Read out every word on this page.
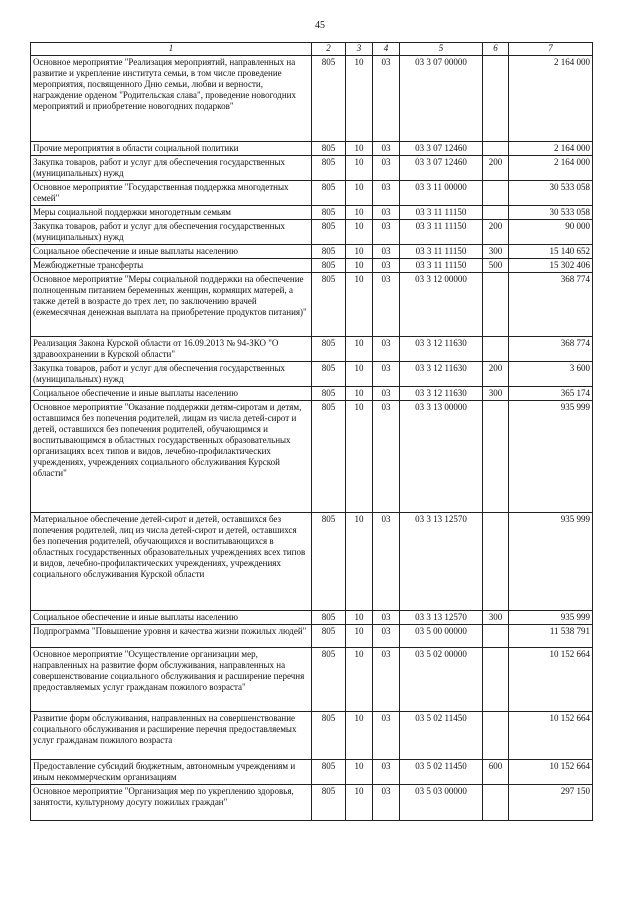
45
1	2	3	4	5	6	7
Основное мероприятие "Реализация мероприятий, направленных на развитие и укрепление института семьи, в том числе проведение мероприятия, посвященного Дню семьи, любви и верности, награждение орденом "Родительская слава", проведение новогодних мероприятий и приобретение новогодних подарков"	805	10	03	03 3 07 00000		2 164 000
Прочие мероприятия в области социальной политики	805	10	03	03 3 07 12460		2 164 000
Закупка товаров, работ и услуг для обеспечения государственных (муниципальных) нужд	805	10	03	03 3 07 12460	200	2 164 000
Основное мероприятие "Государственная поддержка многодетных семей"	805	10	03	03 3 11 00000		30 533 058
Меры социальной поддержки многодетным семьям	805	10	03	03 3 11 11150		30 533 058
Закупка товаров, работ и услуг для обеспечения государственных (муниципальных) нужд	805	10	03	03 3 11 11150	200	90 000
Социальное обеспечение и иные выплаты населению	805	10	03	03 3 11 11150	300	15 140 652
Межбюджетные трансферты	805	10	03	03 3 11 11150	500	15 302 406
Основное мероприятие "Меры социальной поддержки на обеспечение полноценным питанием беременных женщин, кормящих матерей, а также детей в возрасте до трех лет, по заключению врачей (ежемесячная денежная выплата на приобретение продуктов питания)"	805	10	03	03 3 12 00000		368 774
Реализация Закона Курской области от 16.09.2013 № 94-ЗКО "О здравоохранении в Курской области"	805	10	03	03 3 12 11630		368 774
Закупка товаров, работ и услуг для обеспечения государственных (муниципальных) нужд	805	10	03	03 3 12 11630	200	3 600
Социальное обеспечение и иные выплаты населению	805	10	03	03 3 12 11630	300	365 174
Основное мероприятие "Оказание поддержки детям-сиротам и детям, оставшимся без попечения родителей, лицам из числа детей-сирот и детей, оставшихся без попечения родителей, обучающимся и воспитывающимся в областных государственных образовательных организациях всех типов и видов, лечебно-профилактических учреждениях, учреждениях социального обслуживания Курской области"	805	10	03	03 3 13 00000		935 999
Материальное обеспечение детей-сирот и детей, оставшихся без попечения родителей, лиц из числа детей-сирот и детей, оставшихся без попечения родителей, обучающихся и воспитывающихся в областных государственных образовательных учреждениях всех типов и видов, лечебно-профилактических учреждениях, учреждениях социального обслуживания Курской области	805	10	03	03 3 13 12570		935 999
Социальное обеспечение и иные выплаты населению	805	10	03	03 3 13 12570	300	935 999
Подпрограмма "Повышение уровня и качества жизни пожилых людей"	805	10	03	03 5 00 00000		11 538 791
Основное мероприятие "Осуществление организации мер, направленных на развитие форм обслуживания, направленных на совершенствование социального обслуживания и расширение перечня предоставляемых услуг гражданам пожилого возраста"	805	10	03	03 5 02 00000		10 152 664
Развитие форм обслуживания, направленных на совершенствование социального обслуживания и расширение перечня предоставляемых услуг гражданам пожилого возраста	805	10	03	03 5 02 11450		10 152 664
Предоставление субсидий бюджетным, автономным учреждениям и иным некоммерческим организациям	805	10	03	03 5 02 11450	600	10 152 664
Основное мероприятие "Организация мер по укреплению здоровья, занятости, культурному досугу пожилых граждан"	805	10	03	03 5 03 00000		297 150
